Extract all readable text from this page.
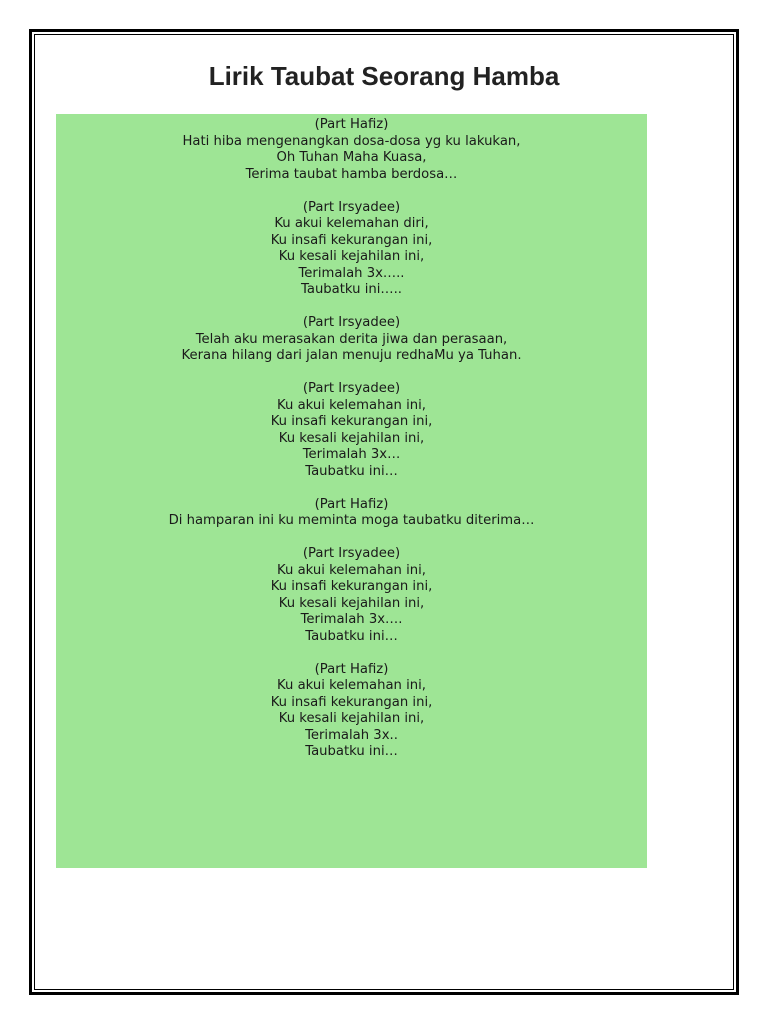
Lirik Taubat Seorang Hamba
(Part Hafiz)
Hati hiba mengenangkan dosa-dosa yg ku lakukan,
Oh Tuhan Maha Kuasa,
Terima taubat hamba berdosa…
(Part Irsyadee)
Ku akui kelemahan diri,
Ku insafi kekurangan ini,
Ku kesali kejahilan ini,
Terimalah 3x…..
Taubatku ini…..
(Part Irsyadee)
Telah aku merasakan derita jiwa dan perasaan,
Kerana hilang dari jalan menuju redhaMu ya Tuhan.
(Part Irsyadee)
Ku akui kelemahan ini,
Ku insafi kekurangan ini,
Ku kesali kejahilan ini,
Terimalah 3x…
Taubatku ini…
(Part Hafiz)
Di hamparan ini ku meminta moga taubatku diterima…
(Part Irsyadee)
Ku akui kelemahan ini,
Ku insafi kekurangan ini,
Ku kesali kejahilan ini,
Terimalah 3x….
Taubatku ini…
(Part Hafiz)
Ku akui kelemahan ini,
Ku insafi kekurangan ini,
Ku kesali kejahilan ini,
Terimalah 3x..
Taubatku ini…
